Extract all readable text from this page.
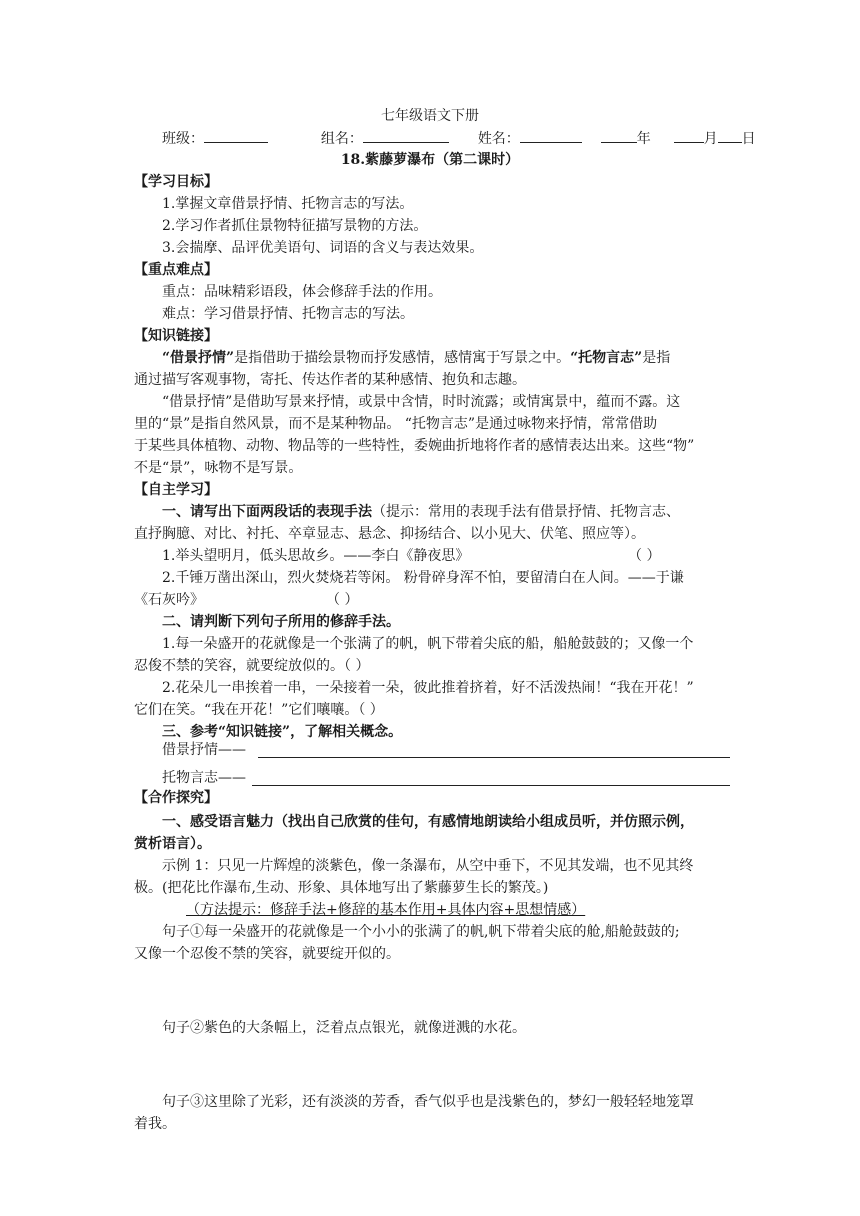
七年级语文下册
班级：	组名：	姓名：	年	月 日
18.紫藤萝瀑布（第二课时）
【学习目标】
1.掌握文章借景抒情、托物言志的写法。
2.学习作者抓住景物特征描写景物的方法。
3.会揣摩、品评优美语句、词语的含义与表达效果。
【重点难点】
重点：品味精彩语段，体会修辞手法的作用。
难点：学习借景抒情、托物言志的写法。
【知识链接】
“借景抒情”是指借助于描绘景物而抒发感情，感情寓于写景之中。“托物言志”是指
通过描写客观事物，寄托、传达作者的某种感情、抱负和志趣。
“借景抒情”是借助写景来抒情，或景中含情，时时流露；或情寓景中，蕴而不露。这
里的“景”是指自然风景，而不是某种物品。 “托物言志”是通过咏物来抒情，常常借助
于某些具体植物、动物、物品等的一些特性，委婉曲折地将作者的感情表达出来。这些“物”
不是“景”，咏物不是写景。
【自主学习】
一、请写出下面两段话的表现手法（提示：常用的表现手法有借景抒情、托物言志、
直抒胸臆、对比、衬托、卒章显志、悬念、抑扬结合、以小见大、伏笔、照应等）。
1.举头望明月，低头思故乡。——李白《静夜思》	（ ）
2.千锤万凿出深山，烈火焚烧若等闲。 粉骨碎身浑不怕，要留清白在人间。——于谦
《石灰吟》	（ ）
二、请判断下列句子所用的修辞手法。
1.每一朵盛开的花就像是一个张满了的帆，帆下带着尖底的船，船舱鼓鼓的；又像一个
忍俊不禁的笑容，就要绽放似的。（ ）
2.花朵儿一串挨着一串，一朵接着一朵，彼此推着挤着，好不活泼热闹！“我在开花！”
它们在笑。“我在开花！”它们嚷嚷。（ ）
三、参考“知识链接”，了解相关概念。
借景抒情——
托物言志——
【合作探究】
一、感受语言魅力（找出自己欣赏的佳句，有感情地朗读给小组成员听，并仿照示例，
赏析语言）。
示例 1：只见一片辉煌的淡紫色，像一条瀑布，从空中垂下，不见其发端，也不见其终
极。(把花比作瀑布,生动、形象、具体地写出了紫藤萝生长的繁茂。)
（方法提示：修辞手法+修辞的基本作用+具体内容+思想情感）
句子①每一朵盛开的花就像是一个小小的张满了的帆,帆下带着尖底的舱,船舱鼓鼓的;
又像一个忍俊不禁的笑容，就要绽开似的。
句子②紫色的大条幅上，泛着点点银光，就像迸溅的水花。
句子③这里除了光彩，还有淡淡的芳香，香气似乎也是浅紫色的，梦幻一般轻轻地笼罩
着我。
